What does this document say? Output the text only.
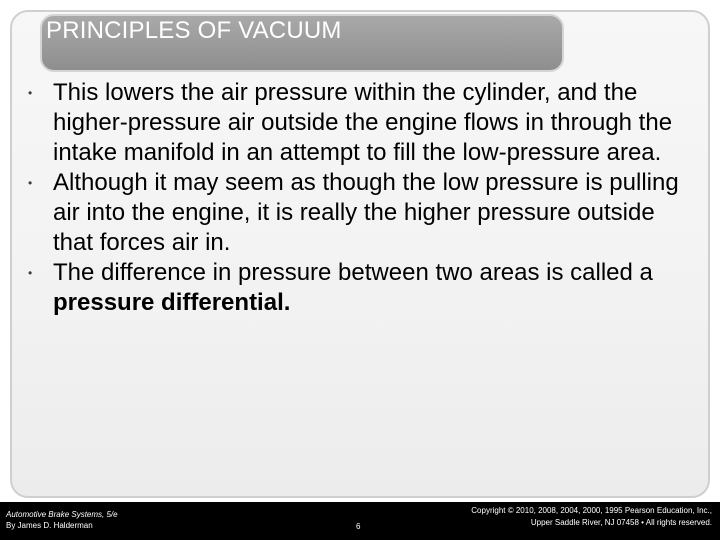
PRINCIPLES OF VACUUM
• This lowers the air pressure within the cylinder, and the higher-pressure air outside the engine flows in through the intake manifold in an attempt to fill the low-pressure area.
• Although it may seem as though the low pressure is pulling air into the engine, it is really the higher pressure outside that forces air in.
• The difference in pressure between two areas is called a pressure differential.
Automotive Brake Systems, 5/e
By James D. Halderman	6
Copyright © 2010, 2008, 2004, 2000, 1995 Pearson Education, Inc.,
Upper Saddle River, NJ 07458 • All rights reserved.
